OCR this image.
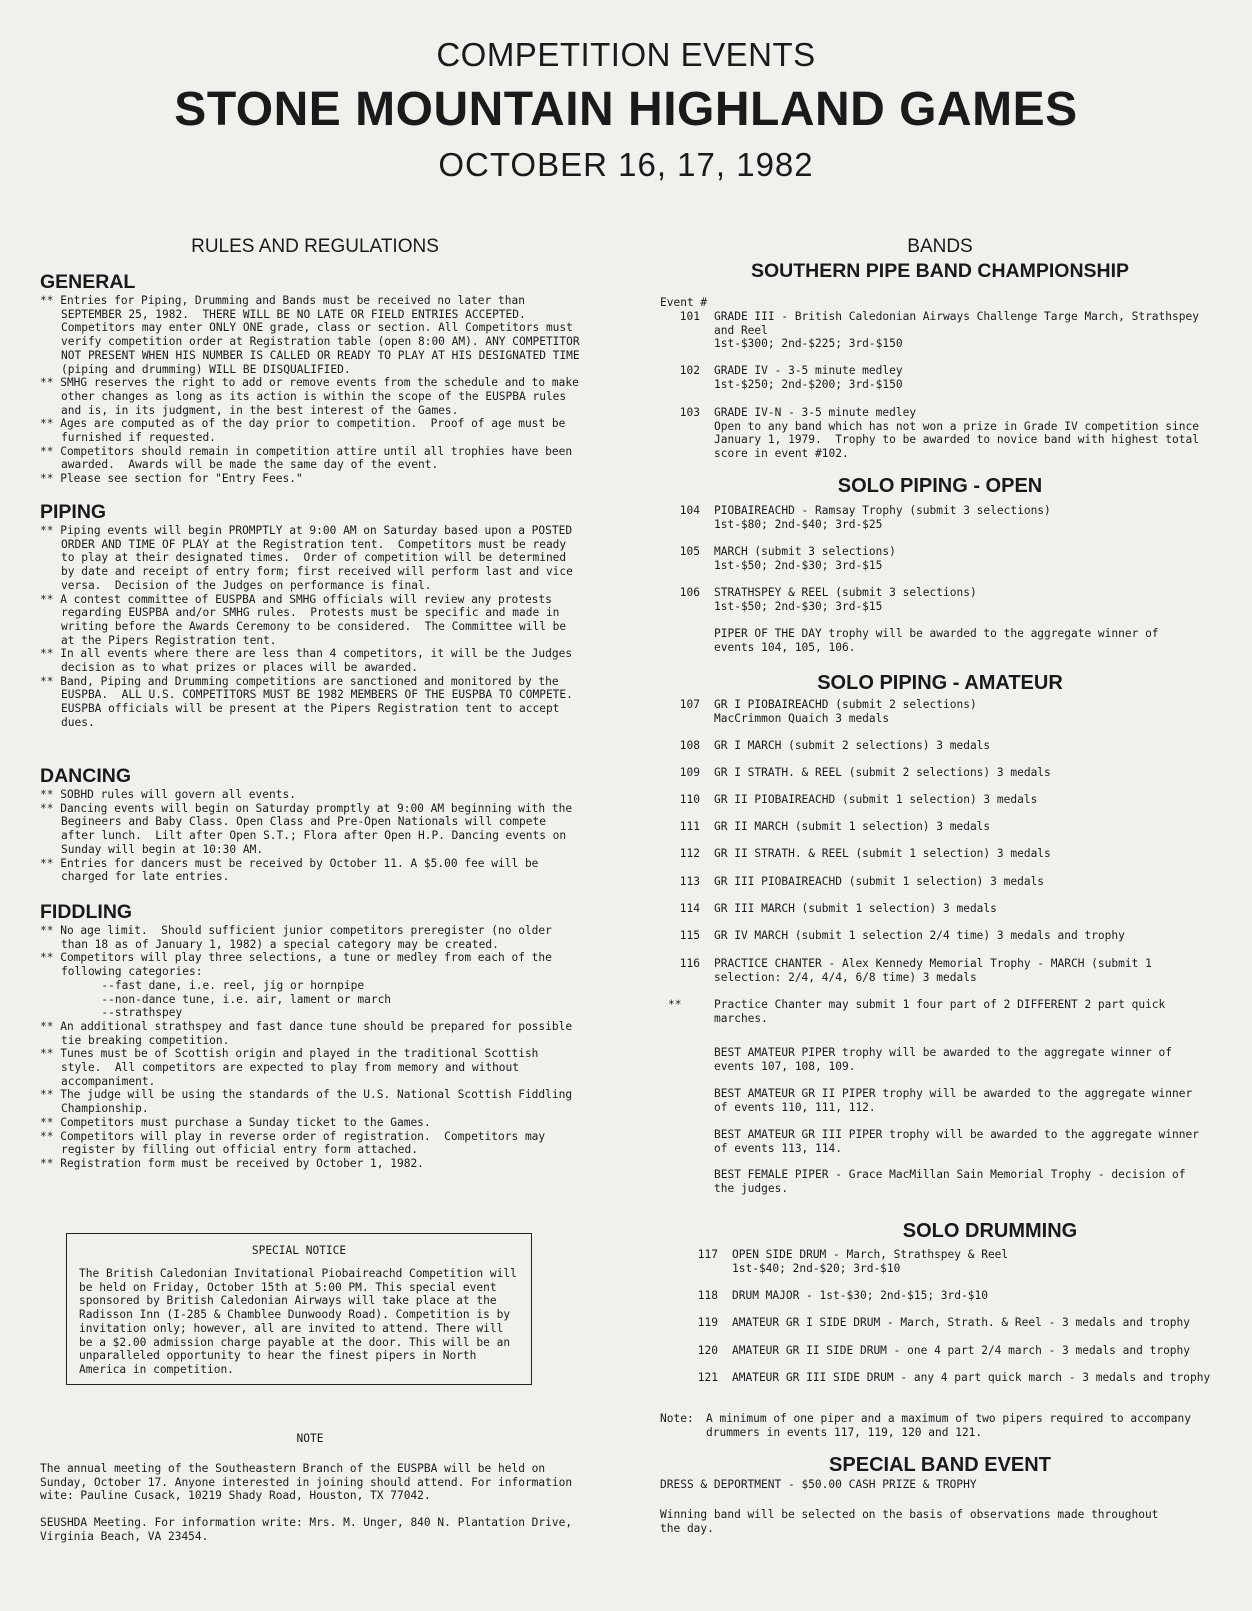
COMPETITION EVENTS
STONE MOUNTAIN HIGHLAND GAMES
OCTOBER 16, 17, 1982
RULES AND REGULATIONS
GENERAL

** Entries for Piping, Drumming and Bands must be received no later than SEPTEMBER 25, 1982.  THERE WILL BE NO LATE OR FIELD ENTRIES ACCEPTED. Competitors may enter ONLY ONE grade, class or section. All Competitors must verify competition order at Registration table (open 8:00 AM). ANY COMPETITOR NOT PRESENT WHEN HIS NUMBER IS CALLED OR READY TO PLAY AT HIS DESIGNATED TIME (piping and drumming) WILL BE DISQUALIFIED.

** SMHG reserves the right to add or remove events from the schedule and to make other changes as long as its action is within the scope of the EUSPBA rules and is, in its judgment, in the best interest of the Games.

** Ages are computed as of the day prior to competition.  Proof of age must be furnished if requested.

** Competitors should remain in competition attire until all trophies have been awarded.  Awards will be made the same day of the event.

** Please see section for "Entry Fees."

PIPING

** Piping events will begin PROMPTLY at 9:00 AM on Saturday based upon a POSTED ORDER AND TIME OF PLAY at the Registration tent.  Competitors must be ready to play at their designated times.  Order of competition will be determined by date and receipt of entry form; first received will perform last and vice versa.  Decision of the Judges on performance is final.

** A contest committee of EUSPBA and SMHG officials will review any protests regarding EUSPBA and/or SMHG rules.  Protests must be specific and made in writing before the Awards Ceremony to be considered.  The Committee will be at the Pipers Registration tent.

** In all events where there are less than 4 competitors, it will be the Judges decision as to what prizes or places will be awarded.

** Band, Piping and Drumming competitions are sanctioned and monitored by the EUSPBA.  ALL U.S. COMPETITORS MUST BE 1982 MEMBERS OF THE EUSPBA TO COMPETE.  EUSPBA officials will be present at the Pipers Registration tent to accept dues.

DANCING

** SOBHD rules will govern all events.

** Dancing events will begin on Saturday promptly at 9:00 AM beginning with the Begineers and Baby Class. Open Class and Pre-Open Nationals will compete after lunch.  Lilt after Open S.T.; Flora after Open H.P. Dancing events on Sunday will begin at 10:30 AM.

** Entries for dancers must be received by October 11. A $5.00 fee will be charged for late entries.

FIDDLING

** No age limit.  Should sufficient junior competitors preregister (no older than 18 as of January 1, 1982) a special category may be created.

** Competitors will play three selections, a tune or medley from each of the following categories:
--fast dane, i.e. reel, jig or hornpipe
--non-dance tune, i.e. air, lament or march
--strathspey

** An additional strathspey and fast dance tune should be prepared for possible tie breaking competition.

** Tunes must be of Scottish origin and played in the traditional Scottish style.  All competitors are expected to play from memory and without accompaniment.

** The judge will be using the standards of the U.S. National Scottish Fiddling Championship.

** Competitors must purchase a Sunday ticket to the Games.

** Competitors will play in reverse order of registration.  Competitors may register by filling out official entry form attached.

** Registration form must be received by October 1, 1982.

SPECIAL NOTICE
The British Caledonian Invitational Piobaireachd Competition will be held on Friday, October 15th at 5:00 PM. This special event sponsored by British Caledonian Airways will take place at the Radisson Inn (I-285 & Chamblee Dunwoody Road). Competition is by invitation only; however, all are invited to attend. There will be a $2.00 admission charge payable at the door. This will be an unparalleled opportunity to hear the finest pipers in North America in competition.
NOTE
The annual meeting of the Southeastern Branch of the EUSPBA will be held on Sunday, October 17. Anyone interested in joining should attend. For information wite: Pauline Cusack, 10219 Shady Road, Houston, TX 77042.
SEUSHDA Meeting. For information write: Mrs. M. Unger, 840 N. Plantation Drive, Virginia Beach, VA 23454.
BANDS
SOUTHERN PIPE BAND CHAMPIONSHIP
Event #
101 GRADE III - British Caledonian Airways Challenge Targe March, Strathspey and Reel
1st-$300; 2nd-$225; 3rd-$150
102 GRADE IV - 3-5 minute medley
1st-$250; 2nd-$200; 3rd-$150
103 GRADE IV-N - 3-5 minute medley
Open to any band which has not won a prize in Grade IV competition since January 1, 1979.  Trophy to be awarded to novice band with highest total score in event #102.
SOLO PIPING - OPEN
104 PIOBAIREACHD - Ramsay Trophy (submit 3 selections)
1st-$80; 2nd-$40; 3rd-$25
105 MARCH (submit 3 selections)
1st-$50; 2nd-$30; 3rd-$15
106 STRATHSPEY & REEL (submit 3 selections)
1st-$50; 2nd-$30; 3rd-$15
PIPER OF THE DAY trophy will be awarded to the aggregate winner of events 104, 105, 106.
SOLO PIPING - AMATEUR
107 GR I PIOBAIREACHD (submit 2 selections)
MacCrimmon Quaich 3 medals
108 GR I MARCH (submit 2 selections) 3 medals
109 GR I STRATH. & REEL (submit 2 selections) 3 medals
110 GR II PIOBAIREACHD (submit 1 selection) 3 medals
111 GR II MARCH (submit 1 selection) 3 medals
112 GR II STRATH. & REEL (submit 1 selection) 3 medals
113 GR III PIOBAIREACHD (submit 1 selection) 3 medals
114 GR III MARCH (submit 1 selection) 3 medals
115 GR IV MARCH (submit 1 selection 2/4 time) 3 medals and trophy
116 PRACTICE CHANTER - Alex Kennedy Memorial Trophy - MARCH (submit 1 selection: 2/4, 4/4, 6/8 time) 3 medals
**	Practice Chanter may submit 1 four part of 2 DIFFERENT 2 part quick marches.
BEST AMATEUR PIPER trophy will be awarded to the aggregate winner of events 107, 108, 109.
BEST AMATEUR GR II PIPER trophy will be awarded to the aggregate winner of events 110, 111, 112.
BEST AMATEUR GR III PIPER trophy will be awarded to the aggregate winner of events 113, 114.
BEST FEMALE PIPER - Grace MacMillan Sain Memorial Trophy - decision of the judges.
SOLO DRUMMING
117 OPEN SIDE DRUM - March, Strathspey & Reel
1st-$40; 2nd-$20; 3rd-$10
118 DRUM MAJOR - 1st-$30; 2nd-$15; 3rd-$10
119 AMATEUR GR I SIDE DRUM - March, Strath. & Reel - 3 medals and trophy
120 AMATEUR GR II SIDE DRUM - one 4 part 2/4 march - 3 medals and trophy
121 AMATEUR GR III SIDE DRUM - any 4 part quick march - 3 medals and trophy
Note: A minimum of one piper and a maximum of two pipers required to accompany drummers in events 117, 119, 120 and 121.
SPECIAL BAND EVENT
DRESS & DEPORTMENT - $50.00 CASH PRIZE & TROPHY
Winning band will be selected on the basis of observations made throughout the day.
